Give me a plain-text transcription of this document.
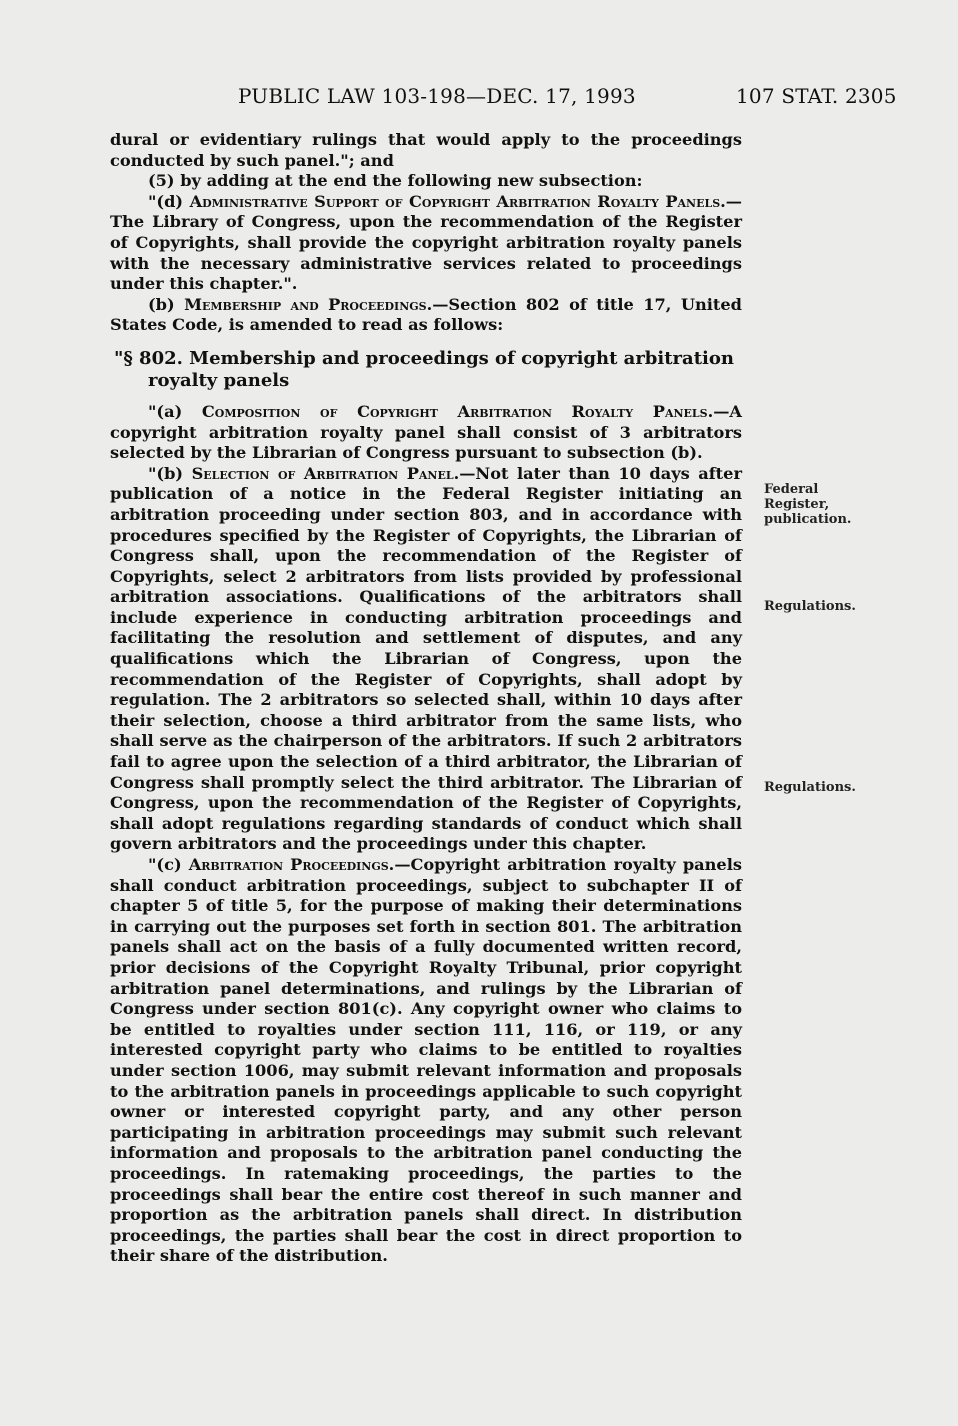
PUBLIC LAW 103-198—DEC. 17, 1993	107 STAT. 2305

dural or evidentiary rulings that would apply to the proceedings conducted by such panel."; and

(5) by adding at the end the following new subsection:

"(d) Administrative Support of Copyright Arbitration Royalty Panels.—The Library of Congress, upon the recommendation of the Register of Copyrights, shall provide the copyright arbitration royalty panels with the necessary administrative services related to proceedings under this chapter.".

(b) Membership and Proceedings.—Section 802 of title 17, United States Code, is amended to read as follows:

"§ 802. Membership and proceedings of copyright arbitration royalty panels

"(a) Composition of Copyright Arbitration Royalty Panels.—A copyright arbitration royalty panel shall consist of 3 arbitrators selected by the Librarian of Congress pursuant to subsection (b).

"(b) Selection of Arbitration Panel.—Not later than 10 days after publication of a notice in the Federal Register initiating an arbitration proceeding under section 803, and in accordance with procedures specified by the Register of Copyrights, the Librarian of Congress shall, upon the recommendation of the Register of Copyrights, select 2 arbitrators from lists provided by professional arbitration associations. Qualifications of the arbitrators shall include experience in conducting arbitration proceedings and facilitating the resolution and settlement of disputes, and any qualifications which the Librarian of Congress, upon the recommendation of the Register of Copyrights, shall adopt by regulation. The 2 arbitrators so selected shall, within 10 days after their selection, choose a third arbitrator from the same lists, who shall serve as the chairperson of the arbitrators. If such 2 arbitrators fail to agree upon the selection of a third arbitrator, the Librarian of Congress shall promptly select the third arbitrator. The Librarian of Congress, upon the recommendation of the Register of Copyrights, shall adopt regulations regarding standards of conduct which shall govern arbitrators and the proceedings under this chapter.

"(c) Arbitration Proceedings.—Copyright arbitration royalty panels shall conduct arbitration proceedings, subject to subchapter II of chapter 5 of title 5, for the purpose of making their determinations in carrying out the purposes set forth in section 801. The arbitration panels shall act on the basis of a fully documented written record, prior decisions of the Copyright Royalty Tribunal, prior copyright arbitration panel determinations, and rulings by the Librarian of Congress under section 801(c). Any copyright owner who claims to be entitled to royalties under section 111, 116, or 119, or any interested copyright party who claims to be entitled to royalties under section 1006, may submit relevant information and proposals to the arbitration panels in proceedings applicable to such copyright owner or interested copyright party, and any other person participating in arbitration proceedings may submit such relevant information and proposals to the arbitration panel conducting the proceedings. In ratemaking proceedings, the parties to the proceedings shall bear the entire cost thereof in such manner and proportion as the arbitration panels shall direct. In distribution proceedings, the parties shall bear the cost in direct proportion to their share of the distribution.

Federal Register, publication.
Regulations.
Regulations.
